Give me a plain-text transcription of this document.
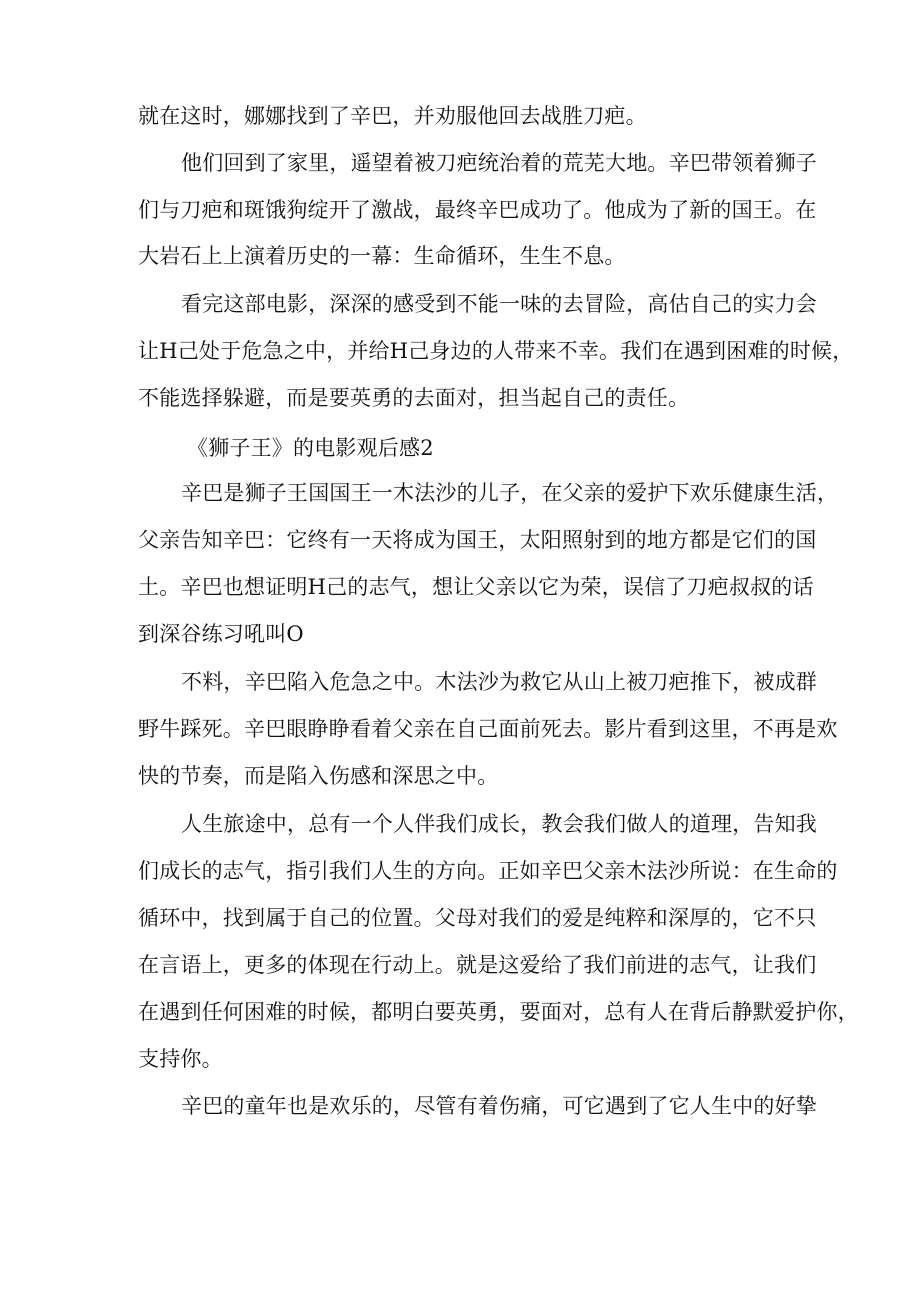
就在这时，娜娜找到了辛巴，并劝服他回去战胜刀疤。
他们回到了家里，遥望着被刀疤统治着的荒芜大地。辛巴带领着狮子
们与刀疤和斑饿狗绽开了激战，最终辛巴成功了。他成为了新的国王。在
大岩石上上演着历史的一幕：生命循环，生生不息。
看完这部电影，深深的感受到不能一味的去冒险，高估自己的实力会
让H己处于危急之中，并给H己身边的人带来不幸。我们在遇到困难的时候，
不能选择躲避，而是要英勇的去面对，担当起自己的责任。
《狮子王》的电影观后感2
辛巴是狮子王国国王一木法沙的儿子，在父亲的爱护下欢乐健康生活，
父亲告知辛巴：它终有一天将成为国王，太阳照射到的地方都是它们的国
土。辛巴也想证明H己的志气，想让父亲以它为荣，误信了刀疤叔叔的话
到深谷练习吼叫O
不料，辛巴陷入危急之中。木法沙为救它从山上被刀疤推下，被成群
野牛踩死。辛巴眼睁睁看着父亲在自己面前死去。影片看到这里，不再是欢
快的节奏，而是陷入伤感和深思之中。
人生旅途中，总有一个人伴我们成长，教会我们做人的道理，告知我
们成长的志气，指引我们人生的方向。正如辛巴父亲木法沙所说：在生命的
循环中，找到属于自己的位置。父母对我们的爱是纯粹和深厚的，它不只
在言语上，更多的体现在行动上。就是这爱给了我们前进的志气，让我们
在遇到任何困难的时候，都明白要英勇，要面对，总有人在背后静默爱护你，
支持你。
辛巴的童年也是欢乐的，尽管有着伤痛，可它遇到了它人生中的好挚
